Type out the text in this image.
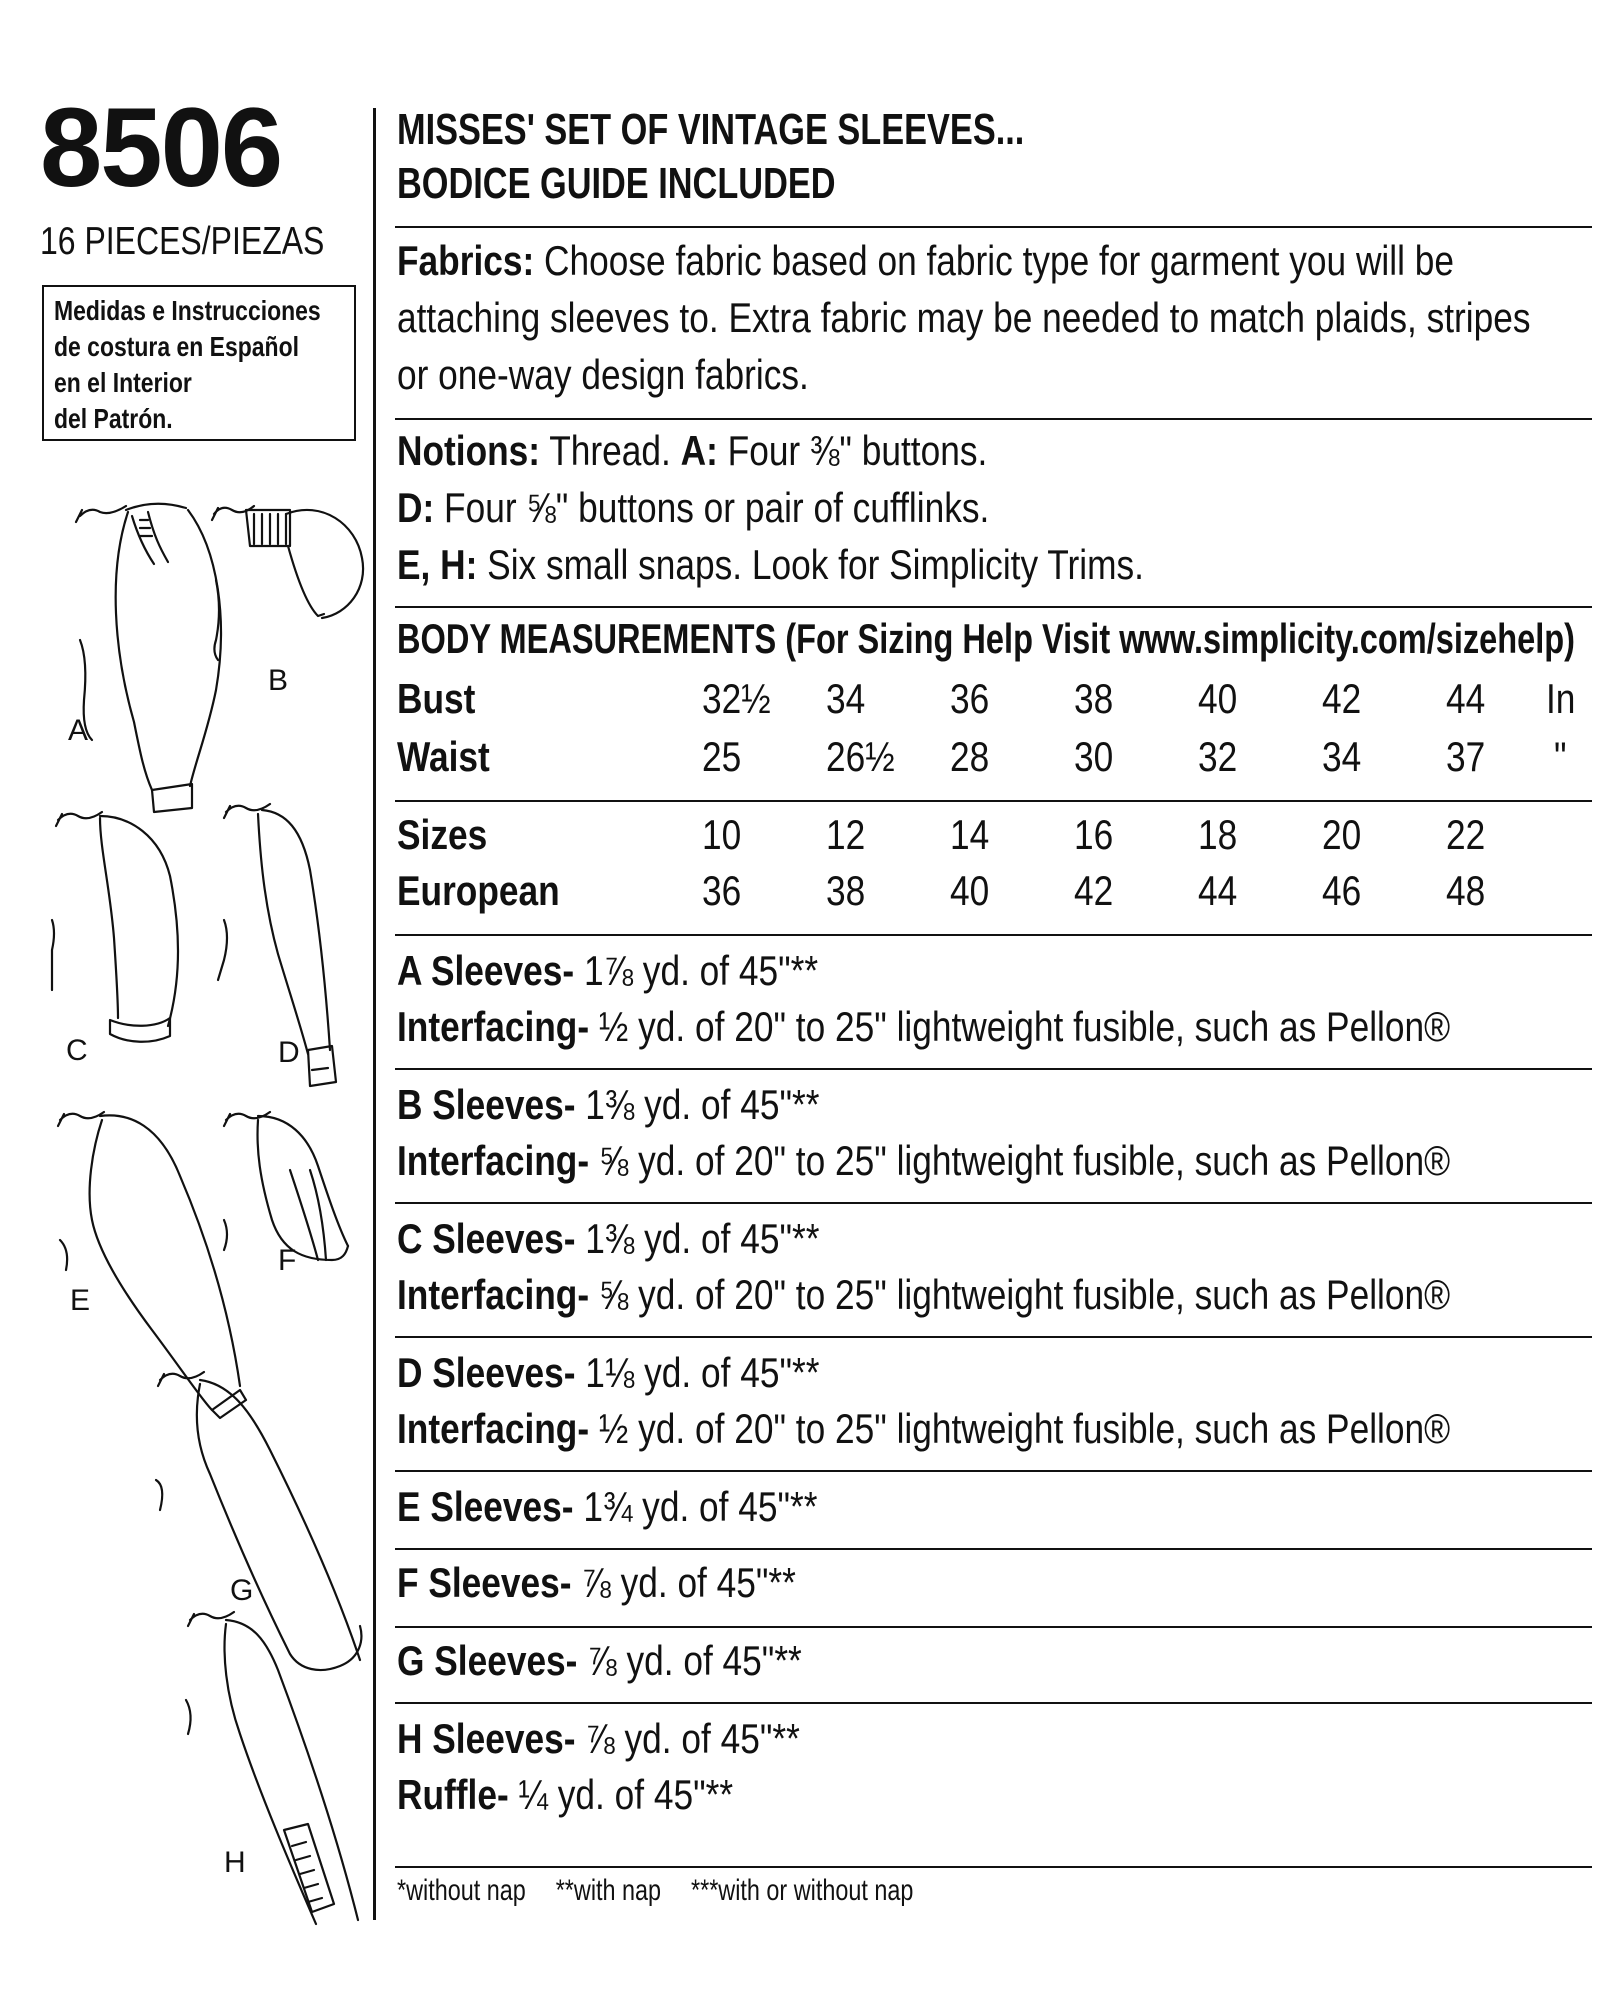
8506
16 PIECES/PIEZAS
Medidas e Instrucciones
de costura en Español
en el Interior
del Patrón.
A
B
C	D
E
F
G
H
MISSES' SET OF VINTAGE SLEEVES...
BODICE GUIDE INCLUDED
Fabrics: Choose fabric based on fabric type for garment you will be
attaching sleeves to. Extra fabric may be needed to match plaids, stripes
or one-way design fabrics.
Notions: Thread. A: Four ⅜" buttons.
D: Four ⅝" buttons or pair of cufflinks.
E, H: Six small snaps. Look for Simplicity Trims.
BODY MEASUREMENTS (For Sizing Help Visit www.simplicity.com/sizehelp)
Bust
Waist
32½ 34 36 38 40 42 44
25 26½ 28 30 32 34 37
In
"
Sizes
European
10 12 14 16 18 20 22
36 38 40 42 44 46 48
A Sleeves- 1⅞ yd. of 45"**
Interfacing- ½ yd. of 20" to 25" lightweight fusible, such as Pellon®
B Sleeves- 1⅜ yd. of 45"**
Interfacing- ⅝ yd. of 20" to 25" lightweight fusible, such as Pellon®
C Sleeves- 1⅜ yd. of 45"**
Interfacing- ⅝ yd. of 20" to 25" lightweight fusible, such as Pellon®
D Sleeves- 1⅛ yd. of 45"**
Interfacing- ½ yd. of 20" to 25" lightweight fusible, such as Pellon®
E Sleeves- 1¾ yd. of 45"**
F Sleeves- ⅞ yd. of 45"**
G Sleeves- ⅞ yd. of 45"**
H Sleeves- ⅞ yd. of 45"**
Ruffle- ¼ yd. of 45"**
*without nap **with nap ***with or without nap
